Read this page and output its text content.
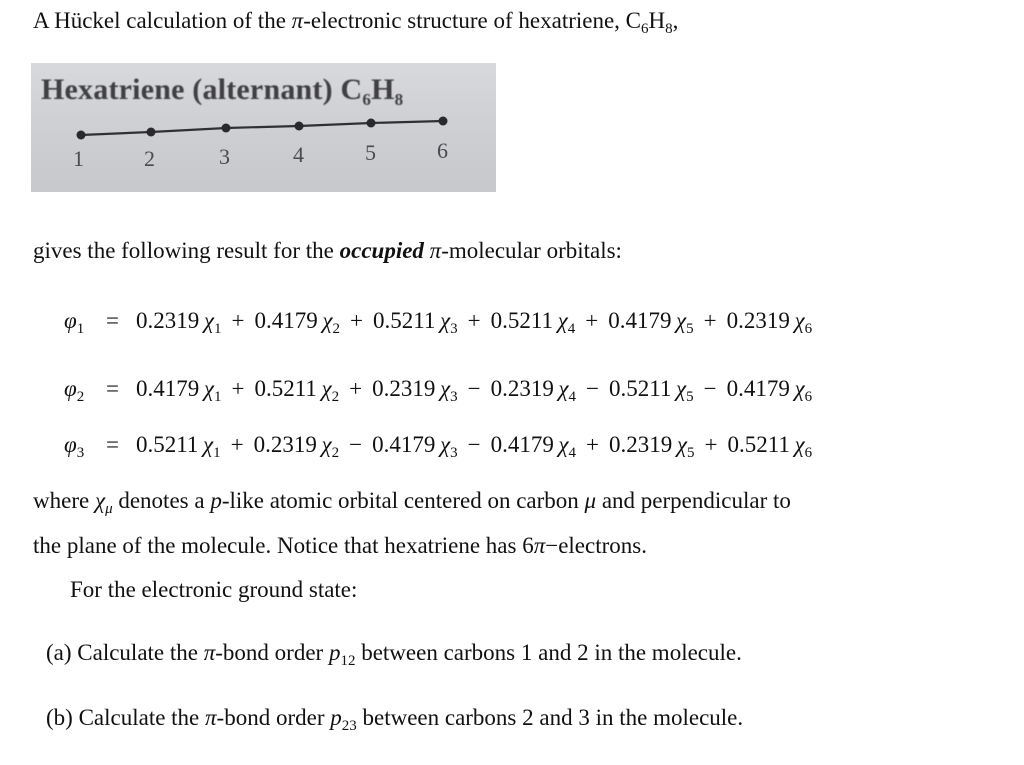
A Hückel calculation of the π-electronic structure of hexatriene, $C_6H_8$,
Hexatriene (alternant) $C_6H_8$
1	2	3	4	5	6
gives the following result for the occupied π-molecular orbitals:
$\varphi_1 = 0.2319$  $\chi_1 + 0.4179$  $\chi_2 + 0.5211$  $\chi_3 + 0.5211$  $\chi_4 + 0.4179$  $\chi_5 + 0.2319$  $\chi_6$
$\varphi_2 = 0.4179$  $\chi_1 + 0.5211$  $\chi_2 + 0.2319$  $\chi_3 - 0.2319$  $\chi_4 - 0.5211$  $\chi_5 - 0.4179$  $\chi_6$
$\varphi_3 = 0.5211$  $\chi_1 + 0.2319$  $\chi_2 - 0.4179$  $\chi_3 - 0.4179$  $\chi_4 + 0.2319$  $\chi_5 + 0.5211$  $\chi_6$
where $\chi_\mu$ denotes a p-like atomic orbital centered on carbon μ and perpendicular to
the plane of the molecule. Notice that hexatriene has 6π−electrons.
For the electronic ground state:
(a) Calculate the π-bond order $p_{12}$ between carbons 1 and 2 in the molecule.
(b) Calculate the π-bond order $p_{23}$ between carbons 2 and 3 in the molecule.
